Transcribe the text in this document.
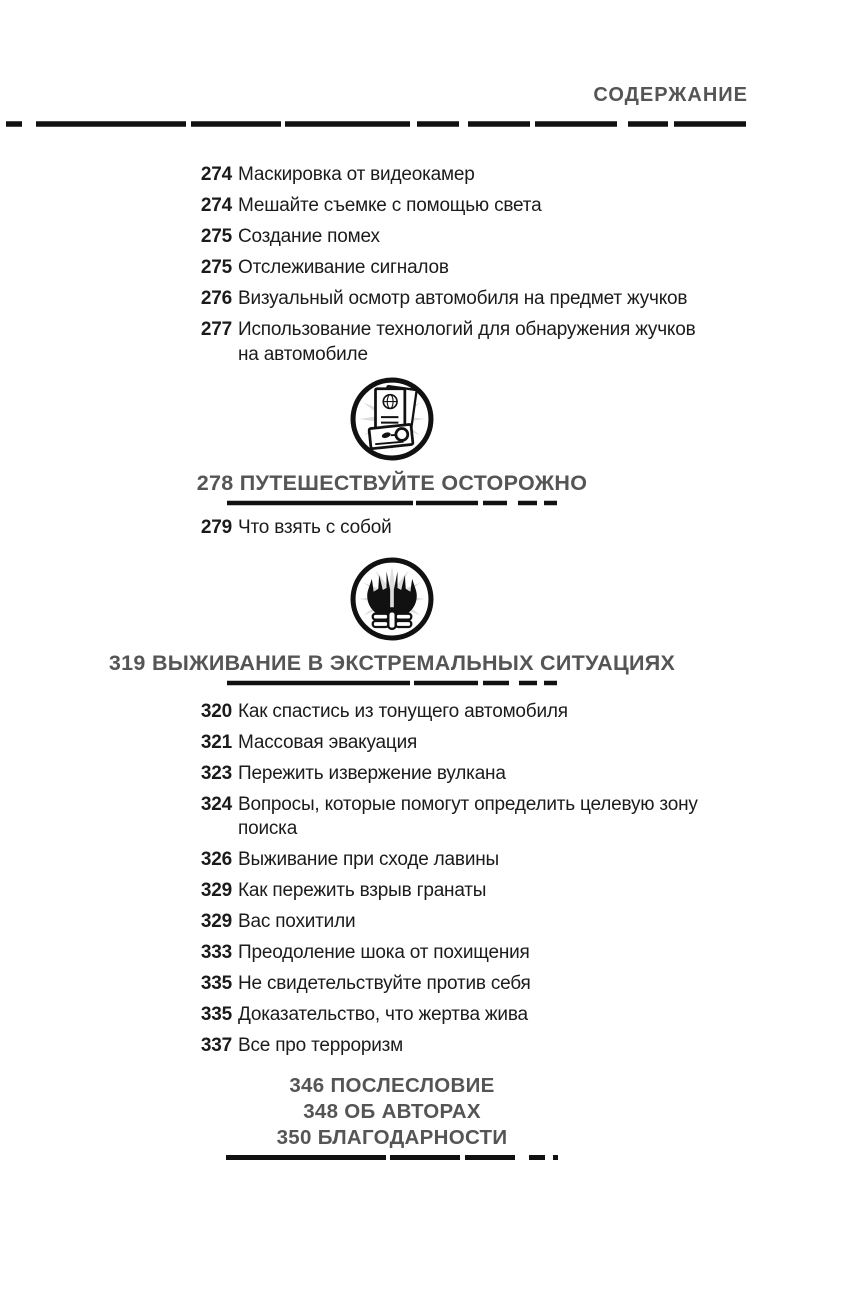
СОДЕРЖАНИЕ
274 Маскировка от видеокамер
274 Мешайте съемке с помощью света
275 Создание помех
275 Отслеживание сигналов
276 Визуальный осмотр автомобиля на предмет жучков
277 Использование технологий для обнаружения жучков на автомобиле
278 ПУТЕШЕСТВУЙТЕ ОСТОРОЖНО
279 Что взять с собой
319 ВЫЖИВАНИЕ В ЭКСТРЕМАЛЬНЫХ СИТУАЦИЯХ
320 Как спастись из тонущего автомобиля
321 Массовая эвакуация
323 Пережить извержение вулкана
324 Вопросы, которые помогут определить целевую зону поиска
326 Выживание при сходе лавины
329 Как пережить взрыв гранаты
329 Вас похитили
333 Преодоление шока от похищения
335 Не свидетельствуйте против себя
335 Доказательство, что жертва жива
337 Все про терроризм
346 ПОСЛЕСЛОВИЕ
348 ОБ АВТОРАХ
350 БЛАГОДАРНОСТИ
